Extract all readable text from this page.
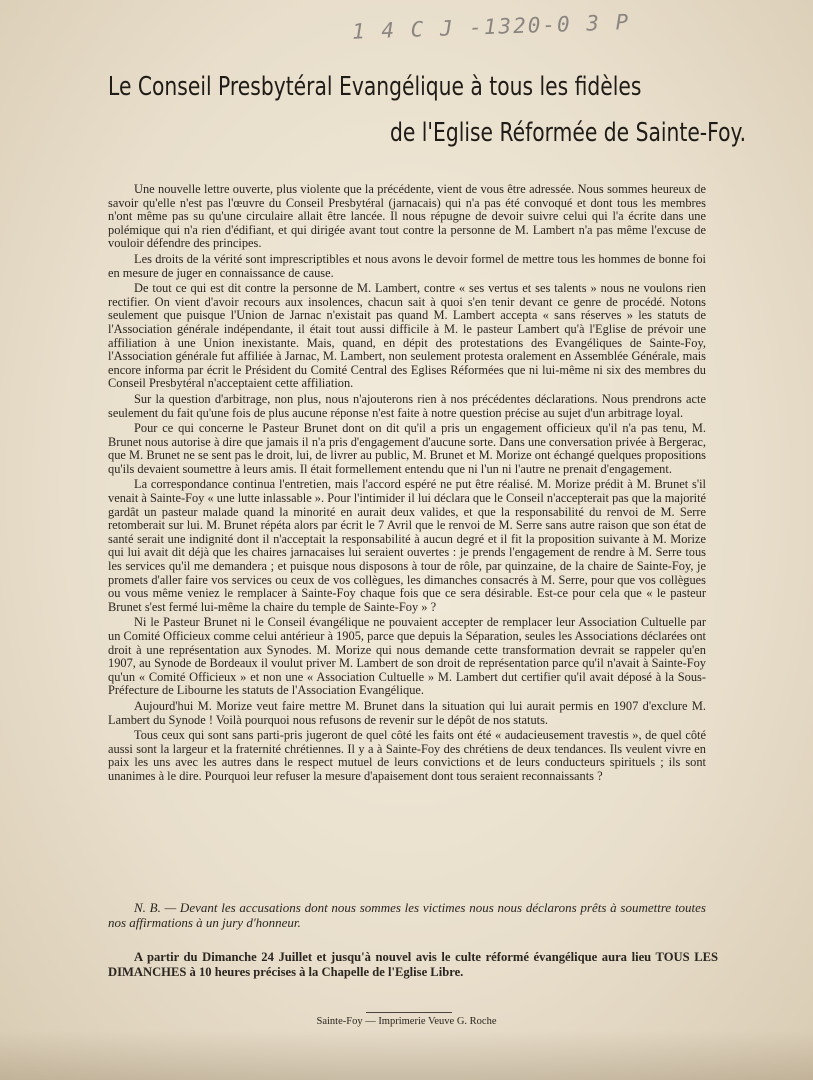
1 4 C J -1320-0 3 P
Le Conseil Presbytéral Evangélique à tous les fidèles
de l'Eglise Réformée de Sainte-Foy.

Une nouvelle lettre ouverte, plus violente que la précédente, vient de vous être adressée. Nous sommes heureux de savoir qu'elle n'est pas l'œuvre du Conseil Presbytéral (jarnacais) qui n'a pas été convoqué et dont tous les membres n'ont même pas su qu'une circulaire allait être lancée. Il nous répugne de devoir suivre celui qui l'a écrite dans une polémique qui n'a rien d'édifiant, et qui dirigée avant tout contre la personne de M. Lambert n'a pas même l'excuse de vouloir défendre des principes.

Les droits de la vérité sont imprescriptibles et nous avons le devoir formel de mettre tous les hommes de bonne foi en mesure de juger en connaissance de cause.

De tout ce qui est dit contre la personne de M. Lambert, contre « ses vertus et ses talents » nous ne voulons rien rectifier. On vient d'avoir recours aux insolences, chacun sait à quoi s'en tenir devant ce genre de procédé. Notons seulement que puisque l'Union de Jarnac n'existait pas quand M. Lambert accepta « sans réserves » les statuts de l'Association générale indépendante, il était tout aussi difficile à M. le pasteur Lambert qu'à l'Eglise de prévoir une affiliation à une Union inexistante. Mais, quand, en dépit des protestations des Evangéliques de Sainte-Foy, l'Association générale fut affiliée à Jarnac, M. Lambert, non seulement protesta oralement en Assemblée Générale, mais encore informa par écrit le Président du Comité Central des Eglises Réformées que ni lui-même ni six des membres du Conseil Presbytéral n'acceptaient cette affiliation.

Sur la question d'arbitrage, non plus, nous n'ajouterons rien à nos précédentes déclarations. Nous prendrons acte seulement du fait qu'une fois de plus aucune réponse n'est faite à notre question précise au sujet d'un arbitrage loyal.

Pour ce qui concerne le Pasteur Brunet dont on dit qu'il a pris un engagement officieux qu'il n'a pas tenu, M. Brunet nous autorise à dire que jamais il n'a pris d'engagement d'aucune sorte. Dans une conversation privée à Bergerac, que M. Brunet ne se sent pas le droit, lui, de livrer au public, M. Brunet et M. Morize ont échangé quelques propositions qu'ils devaient soumettre à leurs amis. Il était formellement entendu que ni l'un ni l'autre ne prenait d'engagement.

La correspondance continua l'entretien, mais l'accord espéré ne put être réalisé. M. Morize prédit à M. Brunet s'il venait à Sainte-Foy « une lutte inlassable ». Pour l'intimider il lui déclara que le Conseil n'accepterait pas que la majorité gardât un pasteur malade quand la minorité en aurait deux valides, et que la responsabilité du renvoi de M. Serre retomberait sur lui. M. Brunet répéta alors par écrit le 7 Avril que le renvoi de M. Serre sans autre raison que son état de santé serait une indignité dont il n'acceptait la responsabilité à aucun degré et il fit la proposition suivante à M. Morize qui lui avait dit déjà que les chaires jarnacaises lui seraient ouvertes : je prends l'engagement de rendre à M. Serre tous les services qu'il me demandera ; et puisque nous disposons à tour de rôle, par quinzaine, de la chaire de Sainte-Foy, je promets d'aller faire vos services ou ceux de vos collègues, les dimanches consacrés à M. Serre, pour que vos collègues ou vous même veniez le remplacer à Sainte-Foy chaque fois que ce sera désirable. Est-ce pour cela que « le pasteur Brunet s'est fermé lui-même la chaire du temple de Sainte-Foy » ?

Ni le Pasteur Brunet ni le Conseil évangélique ne pouvaient accepter de remplacer leur Association Cultuelle par un Comité Officieux comme celui antérieur à 1905, parce que depuis la Séparation, seules les Associations déclarées ont droit à une représentation aux Synodes. M. Morize qui nous demande cette transformation devrait se rappeler qu'en 1907, au Synode de Bordeaux il voulut priver M. Lambert de son droit de représentation parce qu'il n'avait à Sainte-Foy qu'un « Comité Officieux » et non une « Association Cultuelle » M. Lambert dut certifier qu'il avait déposé à la Sous-Préfecture de Libourne les statuts de l'Association Evangélique.

Aujourd'hui M. Morize veut faire mettre M. Brunet dans la situation qui lui aurait permis en 1907 d'exclure M. Lambert du Synode ! Voilà pourquoi nous refusons de revenir sur le dépôt de nos statuts.

Tous ceux qui sont sans parti-pris jugeront de quel côté les faits ont été « audacieusement travestis », de quel côté aussi sont la largeur et la fraternité chrétiennes. Il y a à Sainte-Foy des chrétiens de deux tendances. Ils veulent vivre en paix les uns avec les autres dans le respect mutuel de leurs convictions et de leurs conducteurs spirituels ; ils sont unanimes à le dire. Pourquoi leur refuser la mesure d'apaisement dont tous seraient reconnaissants ?

N. B. — Devant les accusations dont nous sommes les victimes nous nous déclarons prêts à soumettre toutes nos affirmations à un jury d'honneur.

A partir du Dimanche 24 Juillet et jusqu'à nouvel avis le culte réformé évangélique aura lieu TOUS LES DIMANCHES à 10 heures précises à la Chapelle de l'Eglise Libre.

Sainte-Foy — Imprimerie Veuve G. Roche
